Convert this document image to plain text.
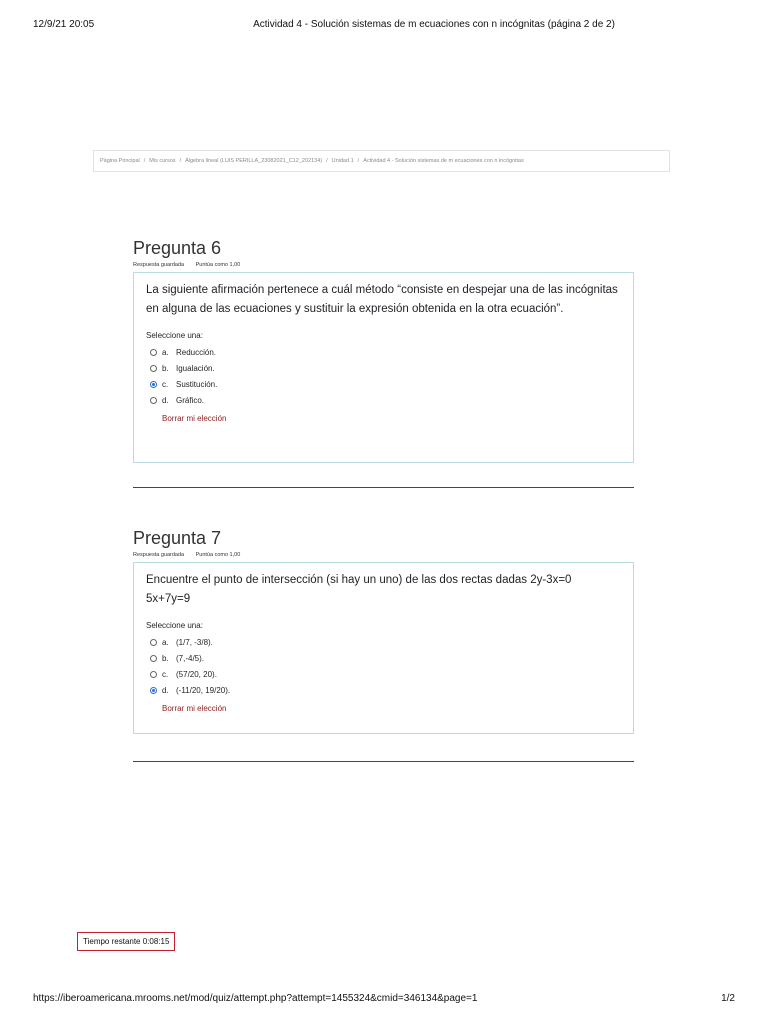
12/9/21 20:05	Actividad 4 - Solución sistemas de m ecuaciones con n incógnitas (página 2 de 2)
Página Principal / Mis cursos / Álgebra lineal (LUIS PERILLA_23082021_C12_202134) / Unidad 1 / Actividad 4 - Solución sistemas de m ecuaciones con n incógnitas
Pregunta 6
Respuesta guardada Puntúa como 1,00

La siguiente afirmación pertenece a cuál método “consiste en despejar una de las incógnitas en alguna de las ecuaciones y sustituir la expresión obtenida en la otra ecuación”.

Seleccione una:
a. Reducción.
b. Igualación.
c. Sustitución.
d. Gráfico.
Borrar mi elección
Pregunta 7
Respuesta guardada Puntúa como 1,00

Encuentre el punto de intersección (si hay un uno) de las dos rectas dadas 2y-3x=0
5x+7y=9

Seleccione una:
a. (1/7, -3/8).
b. (7,-4/5).
c. (57/20, 20).
d. (-11/20, 19/20).
Borrar mi elección
Tiempo restante 0:08:15
https://iberoamericana.mrooms.net/mod/quiz/attempt.php?attempt=1455324&cmid=346134&page=1	1/2
